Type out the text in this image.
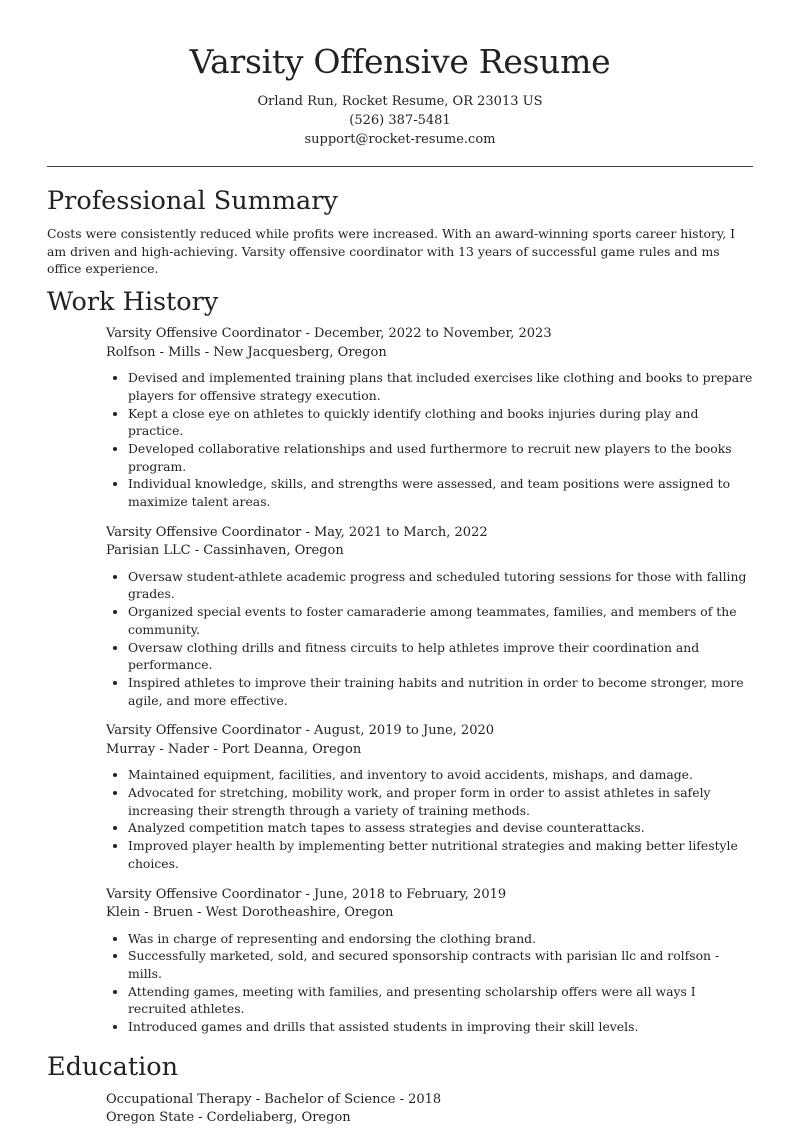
Varsity Offensive Resume
Orland Run, Rocket Resume, OR 23013 US
(526) 387-5481
support@rocket-resume.com
Professional Summary
Costs were consistently reduced while profits were increased. With an award-winning sports career history, I am driven and high-achieving. Varsity offensive coordinator with 13 years of successful game rules and ms office experience.
Work History
Varsity Offensive Coordinator - December, 2022 to November, 2023
Rolfson - Mills - New Jacquesberg, Oregon
• Devised and implemented training plans that included exercises like clothing and books to prepare players for offensive strategy execution.
• Kept a close eye on athletes to quickly identify clothing and books injuries during play and practice.
• Developed collaborative relationships and used furthermore to recruit new players to the books program.
• Individual knowledge, skills, and strengths were assessed, and team positions were assigned to maximize talent areas.
Varsity Offensive Coordinator - May, 2021 to March, 2022
Parisian LLC - Cassinhaven, Oregon
• Oversaw student-athlete academic progress and scheduled tutoring sessions for those with falling grades.
• Organized special events to foster camaraderie among teammates, families, and members of the community.
• Oversaw clothing drills and fitness circuits to help athletes improve their coordination and performance.
• Inspired athletes to improve their training habits and nutrition in order to become stronger, more agile, and more effective.
Varsity Offensive Coordinator - August, 2019 to June, 2020
Murray - Nader - Port Deanna, Oregon
• Maintained equipment, facilities, and inventory to avoid accidents, mishaps, and damage.
• Advocated for stretching, mobility work, and proper form in order to assist athletes in safely increasing their strength through a variety of training methods.
• Analyzed competition match tapes to assess strategies and devise counterattacks.
• Improved player health by implementing better nutritional strategies and making better lifestyle choices.
Varsity Offensive Coordinator - June, 2018 to February, 2019
Klein - Bruen - West Dorotheashire, Oregon
• Was in charge of representing and endorsing the clothing brand.
• Successfully marketed, sold, and secured sponsorship contracts with parisian llc and rolfson - mills.
• Attending games, meeting with families, and presenting scholarship offers were all ways I recruited athletes.
• Introduced games and drills that assisted students in improving their skill levels.
Education
Occupational Therapy - Bachelor of Science - 2018
Oregon State - Cordeliaberg, Oregon
